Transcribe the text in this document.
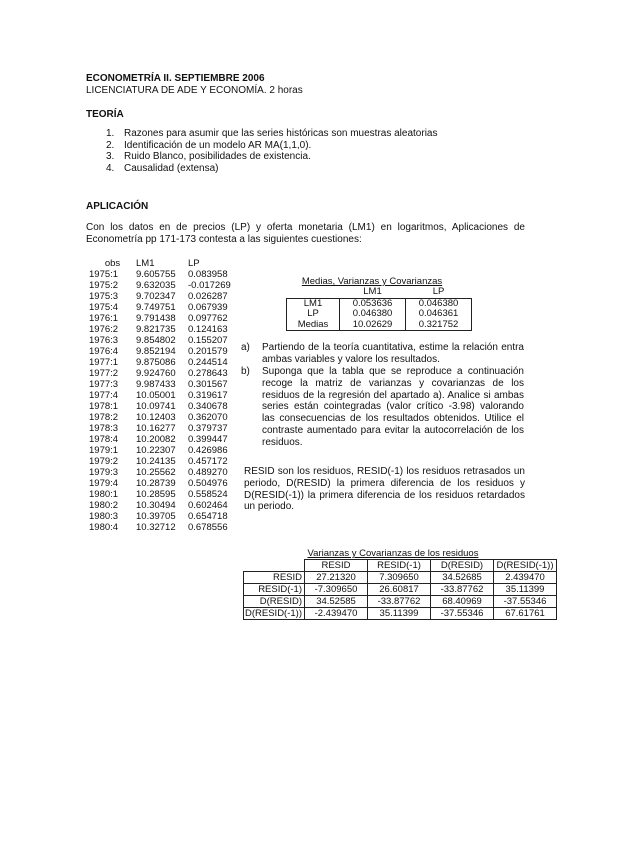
ECONOMETRÍA II. SEPTIEMBRE 2006
LICENCIATURA DE ADE Y ECONOMÍA. 2 horas
TEORÍA
1. Razones para asumir que las series históricas son muestras aleatorias
2. Identificación de un modelo AR MA(1,1,0).
3. Ruido Blanco, posibilidades de existencia.
4. Causalidad (extensa)
APLICACIÓN
Con los datos en de precios (LP) y oferta monetaria (LM1) en logaritmos, Aplicaciones de Econometría pp 171-173 contesta a las siguientes cuestiones:
obs	LM1	LP
1975:1	9.605755	0.083958
1975:2	9.632035	-0.017269
1975:3	9.702347	0.026287
1975:4	9.749751	0.067939
1976:1	9.791438	0.097762
1976:2	9.821735	0.124163
1976:3	9.854802	0.155207
1976:4	9.852194	0.201579
1977:1	9.875086	0.244514
1977:2	9.924760	0.278643
1977:3	9.987433	0.301567
1977:4	10.05001	0.319617
1978:1	10.09741	0.340678
1978:2	10.12403	0.362070
1978:3	10.16277	0.379737
1978:4	10.20082	0.399447
1979:1	10.22307	0.426986
1979:2	10.24135	0.457172
1979:3	10.25562	0.489270
1979:4	10.28739	0.504976
1980:1	10.28595	0.558524
1980:2	10.30494	0.602464
1980:3	10.39705	0.654718
1980:4	10.32712	0.678556
Medias, Varianzas y Covarianzas
	LM1	LP
LM1	0.053636	0.046380
LP	0.046380	0.046361
Medias	10.02629	0.321752
a) Partiendo de la teoría cuantitativa, estime la relación entra ambas variables y valore los resultados.
b) Suponga que la tabla que se reproduce a continuación recoge la matriz de varianzas y covarianzas de los residuos de la regresión del apartado a). Analice si ambas series están cointegradas (valor crítico -3.98) valorando las consecuencias de los resultados obtenidos. Utilice el contraste aumentado para evitar la autocorrelación de los residuos.
RESID son los residuos, RESID(-1) los residuos retrasados un periodo, D(RESID) la primera diferencia de los residuos y D(RESID(-1)) la primera diferencia de los residuos retardados un periodo.
Varianzas y Covarianzas de los residuos
	RESID	RESID(-1)	D(RESID)	D(RESID(-1))
RESID	27.21320	7.309650	34.52685	2.439470
RESID(-1)	-7.309650	26.60817	-33.87762	35.11399
D(RESID)	34.52585	-33.87762	68.40969	-37.55346
D(RESID(-1))	-2.439470	35.11399	-37.55346	67.61761
